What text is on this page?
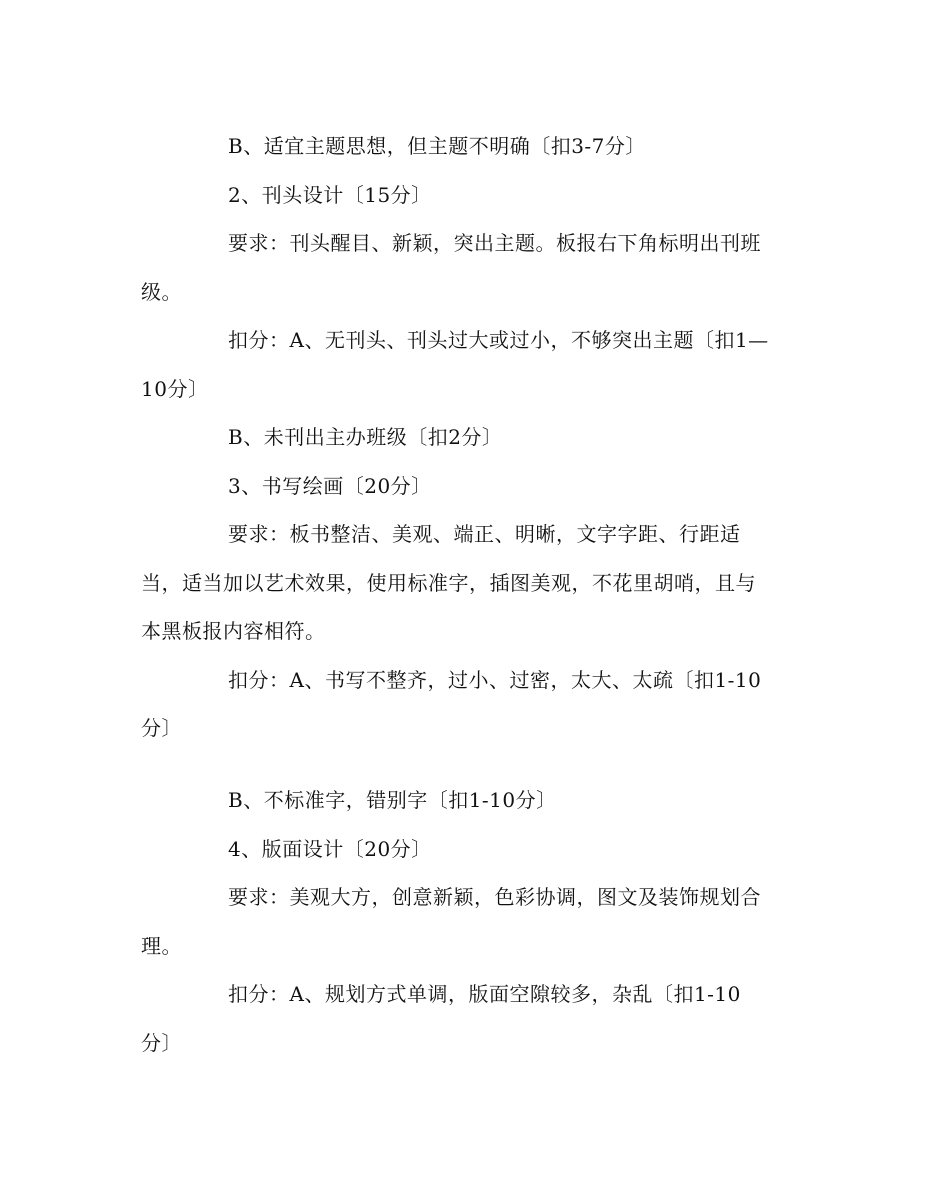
B、适宜主题思想，但主题不明确〔扣3-7分〕
2、刊头设计〔15分〕
要求：刊头醒目、新颖，突出主题。板报右下角标明出刊班
级。
扣分：A、无刊头、刊头过大或过小，不够突出主题〔扣1—
10分〕
B、未刊出主办班级〔扣2分〕
3、书写绘画〔20分〕
要求：板书整洁、美观、端正、明晰，文字字距、行距适
当，适当加以艺术效果，使用标准字，插图美观，不花里胡哨，且与
本黑板报内容相符。
扣分：A、书写不整齐，过小、过密，太大、太疏〔扣1-10
分〕
B、不标准字，错别字〔扣1-10分〕
4、版面设计〔20分〕
要求：美观大方，创意新颖，色彩协调，图文及装饰规划合
理。
扣分：A、规划方式单调，版面空隙较多，杂乱〔扣1-10
分〕
